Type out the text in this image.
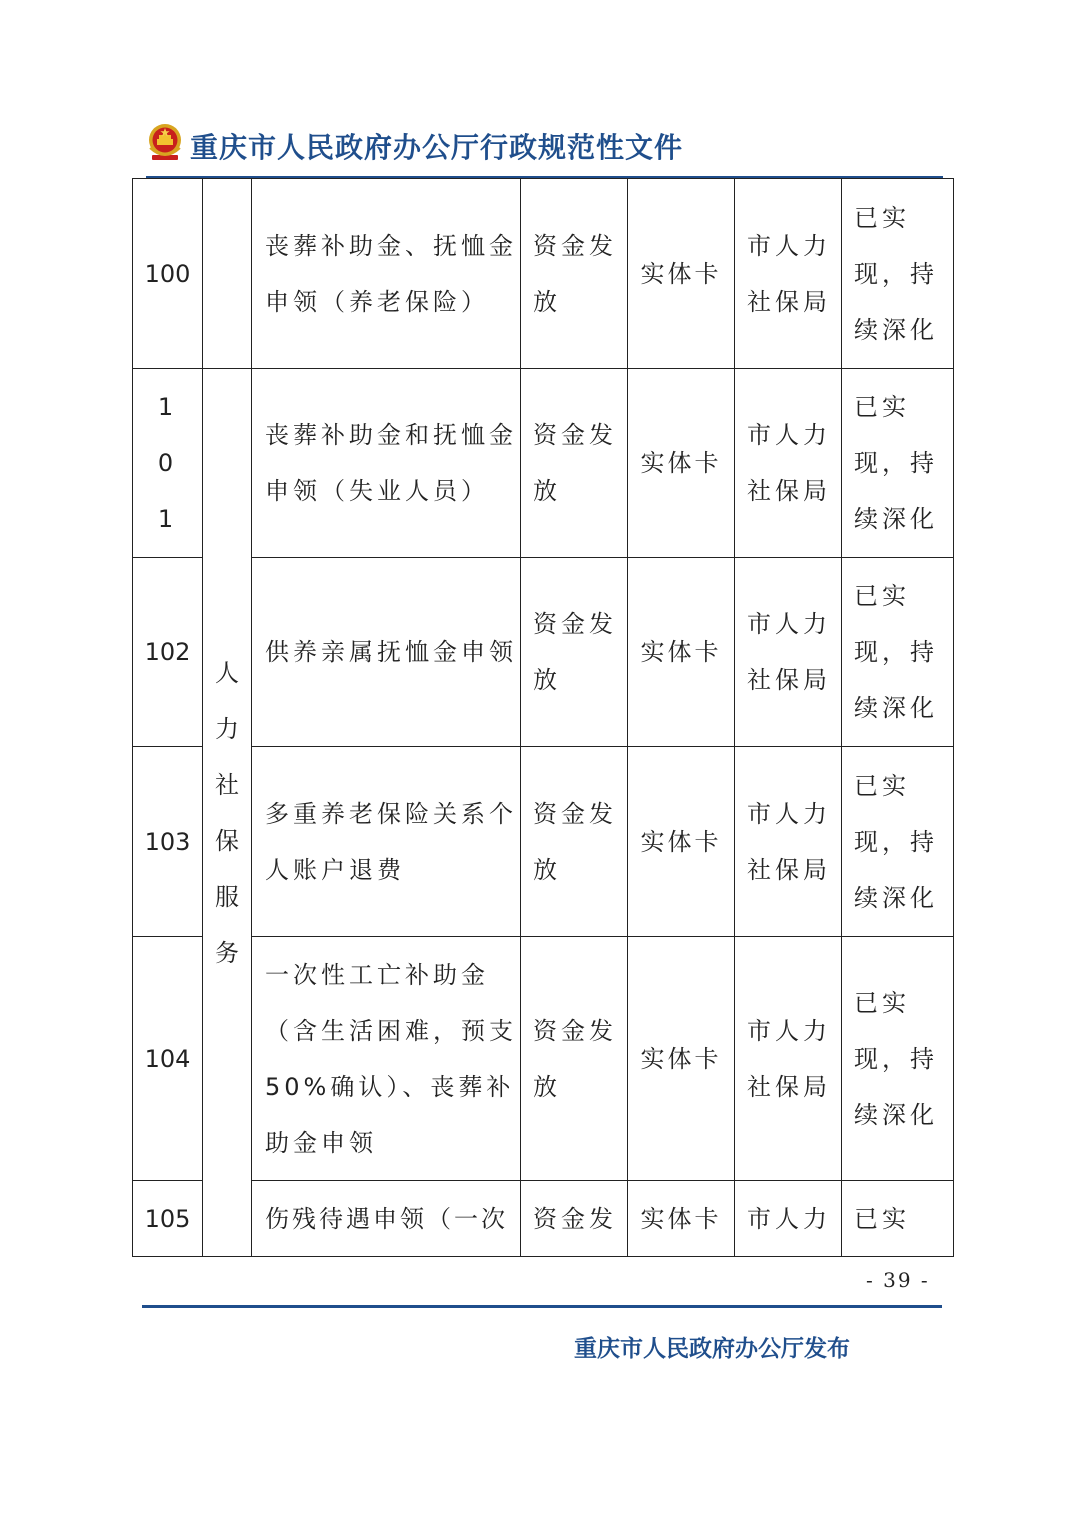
重庆市人民政府办公厅行政规范性文件
100		丧葬补助金、抚恤金申领（养老保险）	资金发放	实体卡	市人力社保局	已实现，持续深化

101	人力社保服务	丧葬补助金和抚恤金申领（失业人员）	资金发放	实体卡	市人力社保局	已实现，持续深化

102		供养亲属抚恤金申领	资金发放	实体卡	市人力社保局	已实现，持续深化

103		多重养老保险关系个人账户退费	资金发放	实体卡	市人力社保局	已实现，持续深化

104		一次性工亡补助金（含生活困难，预支50%确认）、丧葬补助金申领	资金发放	实体卡	市人力社保局	已实现，持续深化

105		伤残待遇申领（一次	资金发	实体卡	市人力	已实
- 39 -
重庆市人民政府办公厅发布
